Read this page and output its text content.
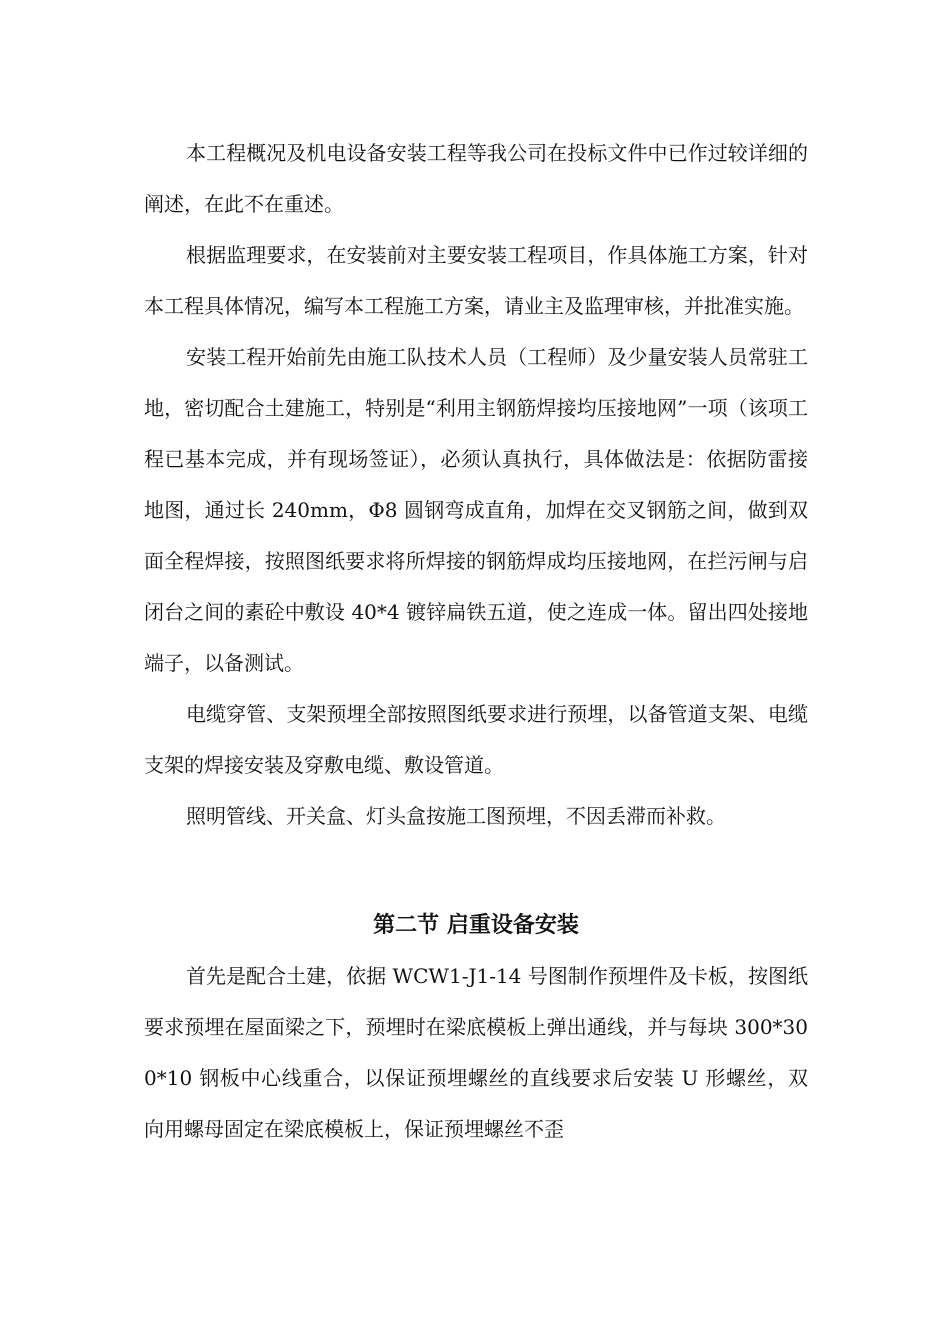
本工程概况及机电设备安装工程等我公司在投标文件中已作过较详细的阐述，在此不在重述。

根据监理要求，在安装前对主要安装工程项目，作具体施工方案，针对本工程具体情况，编写本工程施工方案，请业主及监理审核，并批准实施。

安装工程开始前先由施工队技术人员（工程师）及少量安装人员常驻工地，密切配合土建施工，特别是“利用主钢筋焊接均压接地网”一项（该项工程已基本完成，并有现场签证），必须认真执行，具体做法是：依据防雷接地图，通过长 240mm，Φ8 圆钢弯成直角，加焊在交叉钢筋之间，做到双面全程焊接，按照图纸要求将所焊接的钢筋焊成均压接地网，在拦污闸与启闭台之间的素砼中敷设 40*4 镀锌扁铁五道，使之连成一体。留出四处接地端子，以备测试。

电缆穿管、支架预埋全部按照图纸要求进行预埋，以备管道支架、电缆支架的焊接安装及穿敷电缆、敷设管道。

照明管线、开关盒、灯头盒按施工图预埋，不因丢滞而补救。

第二节 启重设备安装

首先是配合土建，依据 WCW1-J1-14 号图制作预埋件及卡板，按图纸要求预埋在屋面梁之下，预埋时在梁底模板上弹出通线，并与每块 300*300*10 钢板中心线重合，以保证预埋螺丝的直线要求后安装 U 形螺丝，双向用螺母固定在梁底模板上，保证预埋螺丝不歪
